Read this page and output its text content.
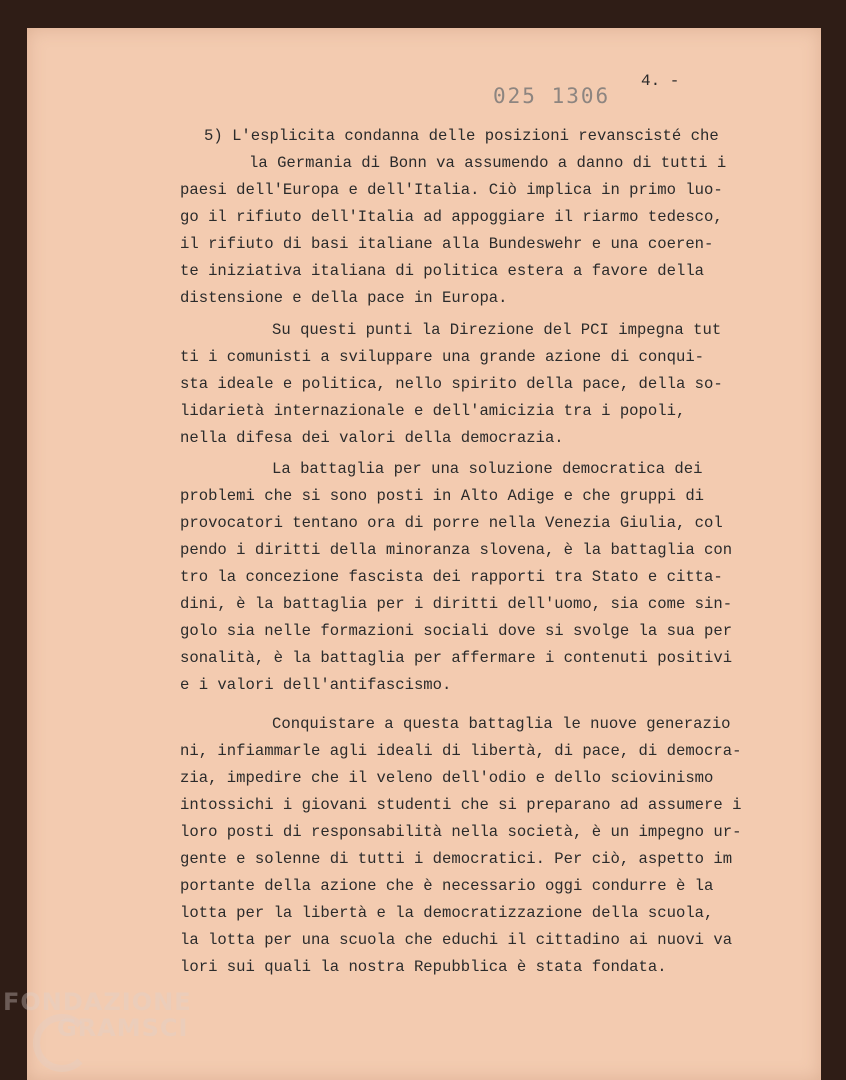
025 1306
4. -
5) L'esplicita condanna delle posizioni revanscisté che
la Germania di Bonn va assumendo a danno di tutti i
paesi dell'Europa e dell'Italia. Ciò implica in primo luo-
go il rifiuto dell'Italia ad appoggiare il riarmo tedesco,
il rifiuto di basi italiane alla Bundeswehr e una coeren-
te iniziativa italiana di politica estera a favore della
distensione e della pace in Europa.
Su questi punti la Direzione del PCI impegna tut
ti i comunisti a sviluppare una grande azione di conqui-
sta ideale e politica, nello spirito della pace, della so-
lidarietà internazionale e dell'amicizia tra i popoli,
nella difesa dei valori della democrazia.
La battaglia per una soluzione democratica dei
problemi che si sono posti in Alto Adige e che gruppi di
provocatori tentano ora di porre nella Venezia Giulia, col
pendo i diritti della minoranza slovena, è la battaglia con
tro la concezione fascista dei rapporti tra Stato e citta-
dini, è la battaglia per i diritti dell'uomo, sia come sin-
golo sia nelle formazioni sociali dove si svolge la sua per
sonalità, è la battaglia per affermare i contenuti positivi
e i valori dell'antifascismo.
Conquistare a questa battaglia le nuove generazio
ni, infiammarle agli ideali di libertà, di pace, di democra-
zia, impedire che il veleno dell'odio e dello sciovinismo
intossichi i giovani studenti che si preparano ad assumere i
loro posti di responsabilità nella società, è un impegno ur-
gente e solenne di tutti i democratici. Per ciò, aspetto im
portante della azione che è necessario oggi condurre è la
lotta per la libertà e la democratizzazione della scuola,
la lotta per una scuola che educhi il cittadino ai nuovi va
lori sui quali la nostra Repubblica è stata fondata.
FONDAZIONE
GRAMSCI
